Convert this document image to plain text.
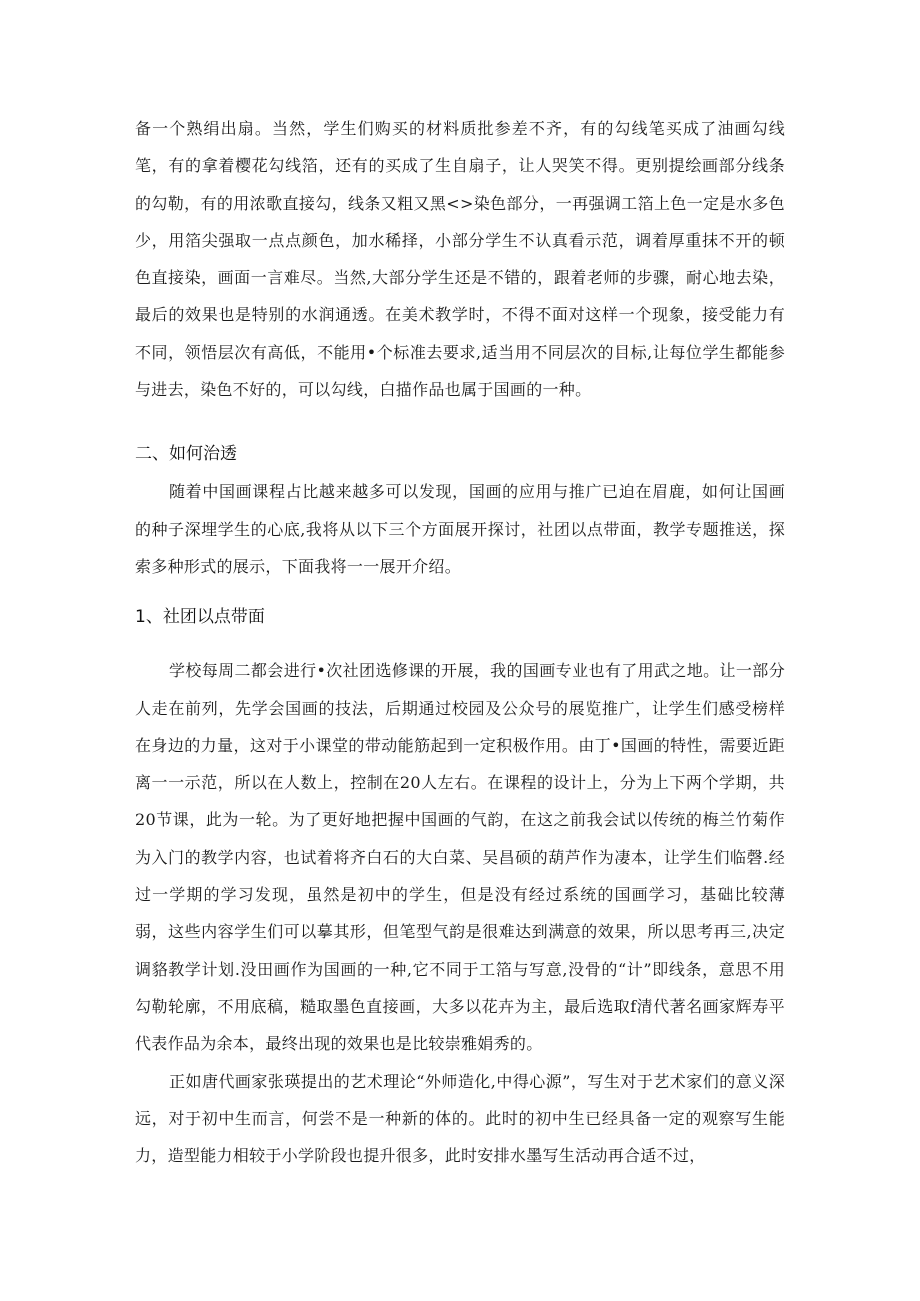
备一个熟绢出扇。当然，学生们购买的材料质批参差不齐，有的勾线笔买成了油画勾线笔，有的拿着樱花勾线箔，还有的买成了生自扇子，让人哭笑不得。更别提绘画部分线条的勾勒，有的用浓歌直接勾，线条又粗又黑<>染色部分，一再强调工箔上色一定是水多色少，用箔尖强取一点点颜色，加水稀择，小部分学生不认真看示范，调着厚重抹不开的顿色直接染，画面一言难尽。当然,大部分学生还是不错的，跟着老师的步骤，耐心地去染，最后的效果也是特别的水润通透。在美术教学时，不得不面对这样一个现象，接受能力有不同，领悟层次有高低，不能用•个标准去要求,适当用不同层次的目标,让每位学生都能参与进去，染色不好的，可以勾线，白描作品也属于国画的一种。

二、如何治透

随着中国画课程占比越来越多可以发现，国画的应用与推广已迫在眉鹿，如何让国画的种子深埋学生的心底,我将从以下三个方面展开探讨，社团以点带面，教学专题推送，探索多种形式的展示，下面我将一一展开介绍。

1、社团以点带面

学校每周二都会进行•次社团选修课的开展，我的国画专业也有了用武之地。让一部分人走在前列，先学会国画的技法，后期通过校园及公众号的展览推广，让学生们感受榜样在身边的力量，这对于小课堂的带动能筋起到一定积极作用。由丁•国画的特性，需要近距离一一示范，所以在人数上，控制在20人左右。在课程的设计上，分为上下两个学期，共20节课，此为一轮。为了更好地把握中国画的气韵，在这之前我会试以传统的梅兰竹菊作为入门的教学内容，也试着将齐白石的大白菜、吴昌硕的葫芦作为凄本，让学生们临磬.经过一学期的学习发现，虽然是初中的学生，但是没有经过系统的国画学习，基础比较薄弱，这些内容学生们可以摹其形，但笔型气韵是很难达到满意的效果，所以思考再三,决定调貉教学计划.没田画作为国画的一种,它不同于工箔与写意,没骨的“计”即线条，意思不用勾勒轮廓，不用底稿，糙取墨色直接画，大多以花卉为主，最后选取f清代著名画家辉寿平代表作品为余本，最终出现的效果也是比较崇雅娟秀的。

正如唐代画家张瑛提出的艺术理论“外师造化,中得心源”，写生对于艺术家们的意义深远，对于初中生而言，何尝不是一种新的体的。此时的初中生已经具备一定的观察写生能力，造型能力相较于小学阶段也提升很多，此时安排水墨写生活动再合适不过，
